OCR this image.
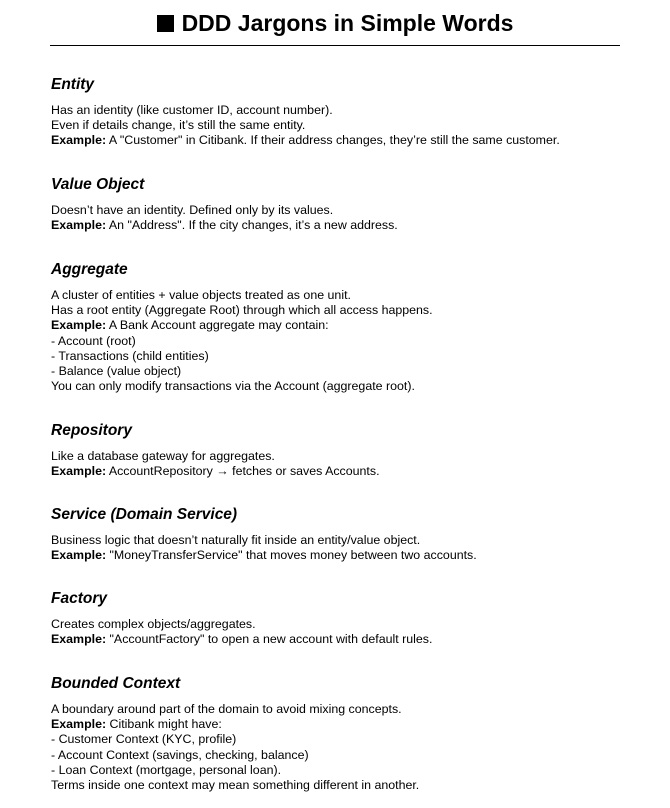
DDD Jargons in Simple Words
Entity
Has an identity (like customer ID, account number).
Even if details change, it’s still the same entity.
Example: A "Customer" in Citibank. If their address changes, they’re still the same customer.
Value Object
Doesn’t have an identity. Defined only by its values.
Example: An "Address". If the city changes, it’s a new address.
Aggregate
A cluster of entities + value objects treated as one unit.
Has a root entity (Aggregate Root) through which all access happens.
Example: A Bank Account aggregate may contain:
- Account (root)
- Transactions (child entities)
- Balance (value object)
You can only modify transactions via the Account (aggregate root).
Repository
Like a database gateway for aggregates.
Example: AccountRepository → fetches or saves Accounts.
Service (Domain Service)
Business logic that doesn’t naturally fit inside an entity/value object.
Example: "MoneyTransferService" that moves money between two accounts.
Factory
Creates complex objects/aggregates.
Example: "AccountFactory" to open a new account with default rules.
Bounded Context
A boundary around part of the domain to avoid mixing concepts.
Example: Citibank might have:
- Customer Context (KYC, profile)
- Account Context (savings, checking, balance)
- Loan Context (mortgage, personal loan).
Terms inside one context may mean something different in another.
